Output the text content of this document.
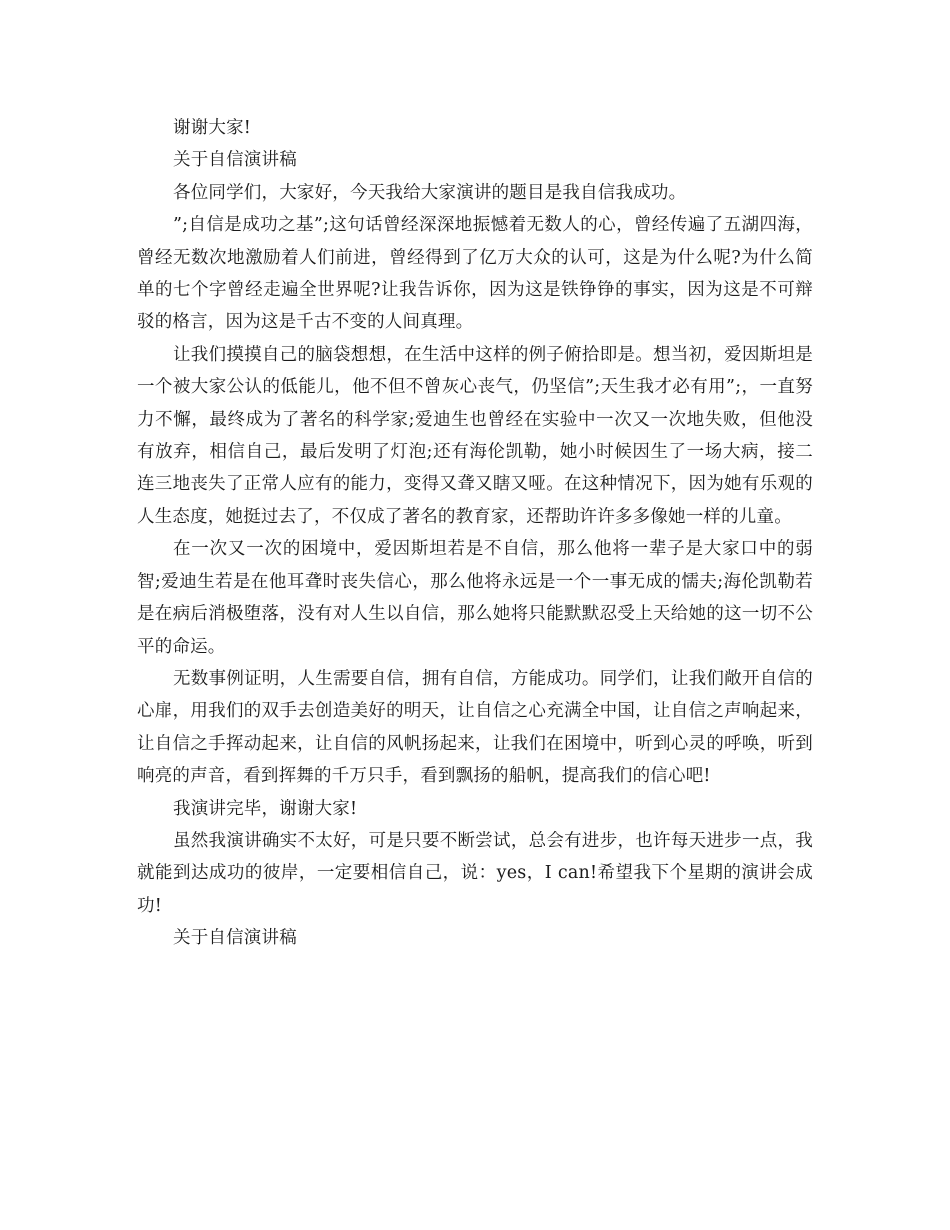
谢谢大家!

关于自信演讲稿

各位同学们，大家好，今天我给大家演讲的题目是我自信我成功。

”;自信是成功之基”;这句话曾经深深地振憾着无数人的心，曾经传遍了五湖四海，曾经无数次地激励着人们前进，曾经得到了亿万大众的认可，这是为什么呢?为什么简单的七个字曾经走遍全世界呢?让我告诉你，因为这是铁铮铮的事实，因为这是不可辩驳的格言，因为这是千古不变的人间真理。

让我们摸摸自己的脑袋想想，在生活中这样的例子俯拾即是。想当初，爱因斯坦是一个被大家公认的低能儿，他不但不曾灰心丧气，仍坚信”;天生我才必有用”;，一直努力不懈，最终成为了著名的科学家;爱迪生也曾经在实验中一次又一次地失败，但他没有放弃，相信自己，最后发明了灯泡;还有海伦凯勒，她小时候因生了一场大病，接二连三地丧失了正常人应有的能力，变得又聋又瞎又哑。在这种情况下，因为她有乐观的人生态度，她挺过去了，不仅成了著名的教育家，还帮助许许多多像她一样的儿童。

在一次又一次的困境中，爱因斯坦若是不自信，那么他将一辈子是大家口中的弱智;爱迪生若是在他耳聋时丧失信心，那么他将永远是一个一事无成的懦夫;海伦凯勒若是在病后消极堕落，没有对人生以自信，那么她将只能默默忍受上天给她的这一切不公平的命运。

无数事例证明，人生需要自信，拥有自信，方能成功。同学们，让我们敞开自信的心扉，用我们的双手去创造美好的明天，让自信之心充满全中国，让自信之声响起来，让自信之手挥动起来，让自信的风帆扬起来，让我们在困境中，听到心灵的呼唤，听到响亮的声音，看到挥舞的千万只手，看到飘扬的船帆，提高我们的信心吧!

我演讲完毕，谢谢大家!

虽然我演讲确实不太好，可是只要不断尝试，总会有进步，也许每天进步一点，我就能到达成功的彼岸，一定要相信自己，说：yes，I can!希望我下个星期的演讲会成功!

关于自信演讲稿
